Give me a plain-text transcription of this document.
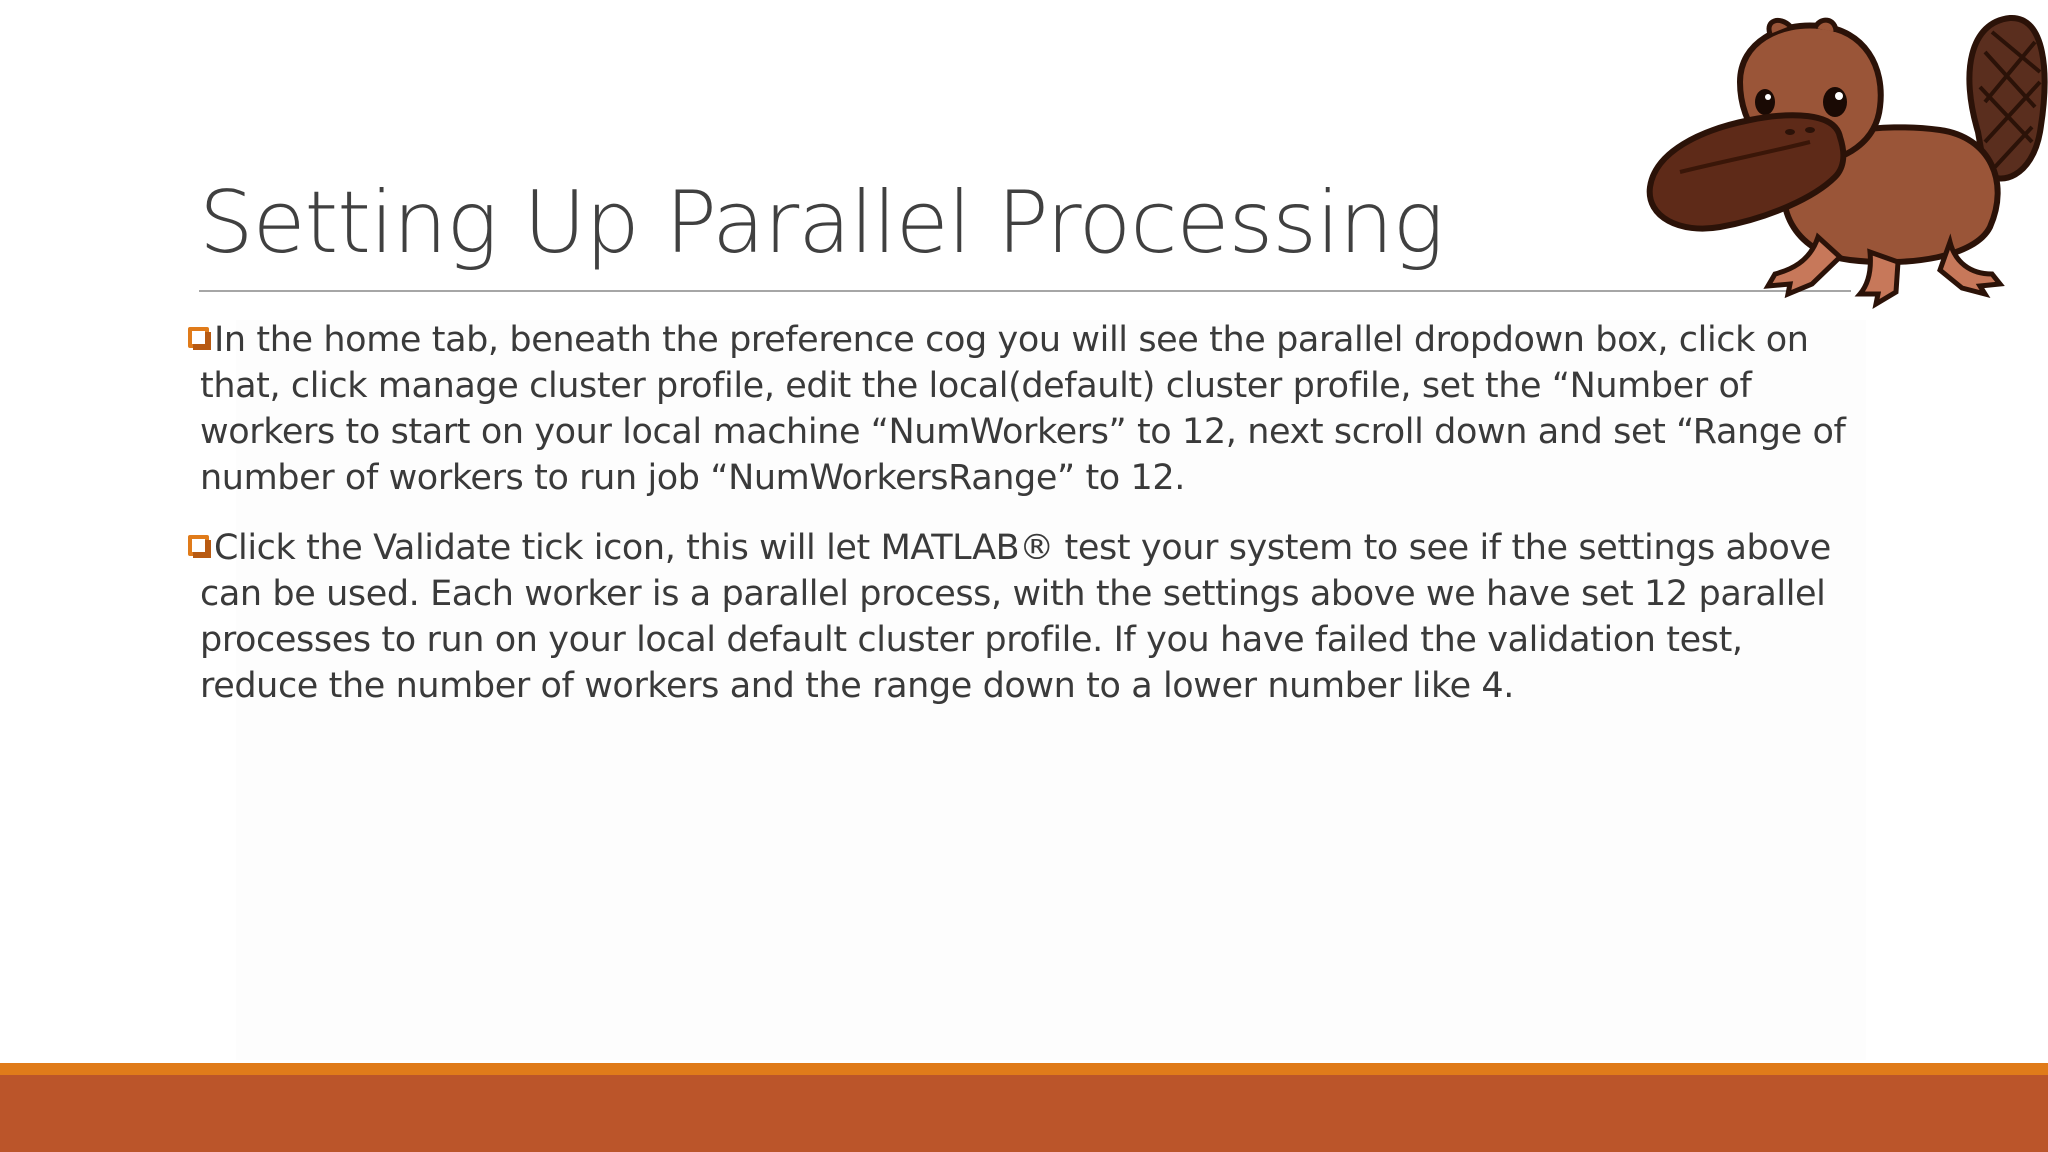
Setting Up Parallel Processing
In the home tab, beneath the preference cog you will see the parallel dropdown box, click on that, click manage cluster profile, edit the local(default) cluster profile, set the “Number of workers to start on your local machine “NumWorkers” to 12, next scroll down and set “Range of number of workers to run job “NumWorkersRange” to 12.
Click the Validate tick icon, this will let MATLAB® test your system to see if the settings above can be used. Each worker is a parallel process, with the settings above we have set 12 parallel processes to run on your local default cluster profile. If you have failed the validation test, reduce the number of workers and the range down to a lower number like 4.
